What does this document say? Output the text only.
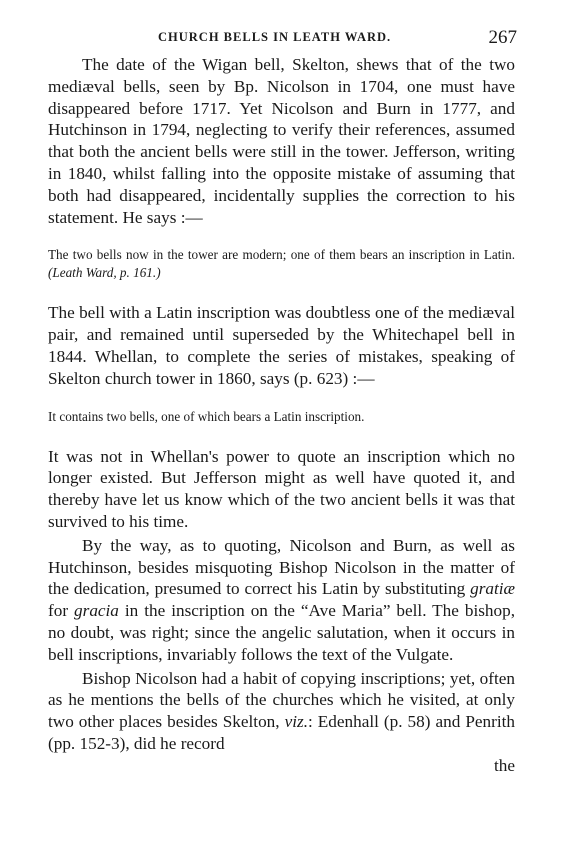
CHURCH BELLS IN LEATH WARD.	267

The date of the Wigan bell, Skelton, shews that of the two mediæval bells, seen by Bp. Nicolson in 1704, one must have disappeared before 1717. Yet Nicolson and Burn in 1777, and Hutchinson in 1794, neglecting to verify their references, assumed that both the ancient bells were still in the tower. Jefferson, writing in 1840, whilst falling into the opposite mistake of assuming that both had disappeared, incidentally supplies the correction to his statement. He says :—

The two bells now in the tower are modern; one of them bears an inscription in Latin. (Leath Ward, p. 161.)

The bell with a Latin inscription was doubtless one of the mediæval pair, and remained until superseded by the Whitechapel bell in 1844. Whellan, to complete the series of mistakes, speaking of Skelton church tower in 1860, says (p. 623) :—

It contains two bells, one of which bears a Latin inscription.

It was not in Whellan's power to quote an inscription which no longer existed. But Jefferson might as well have quoted it, and thereby have let us know which of the two ancient bells it was that survived to his time.

By the way, as to quoting, Nicolson and Burn, as well as Hutchinson, besides misquoting Bishop Nicolson in the matter of the dedication, presumed to correct his Latin by substituting gratiæ for gracia in the inscription on the “Ave Maria” bell. The bishop, no doubt, was right; since the angelic salutation, when it occurs in bell inscriptions, invariably follows the text of the Vulgate.

Bishop Nicolson had a habit of copying inscriptions; yet, often as he mentions the bells of the churches which he visited, at only two other places besides Skelton, viz.: Edenhall (p. 58) and Penrith (pp. 152-3), did he record

the
